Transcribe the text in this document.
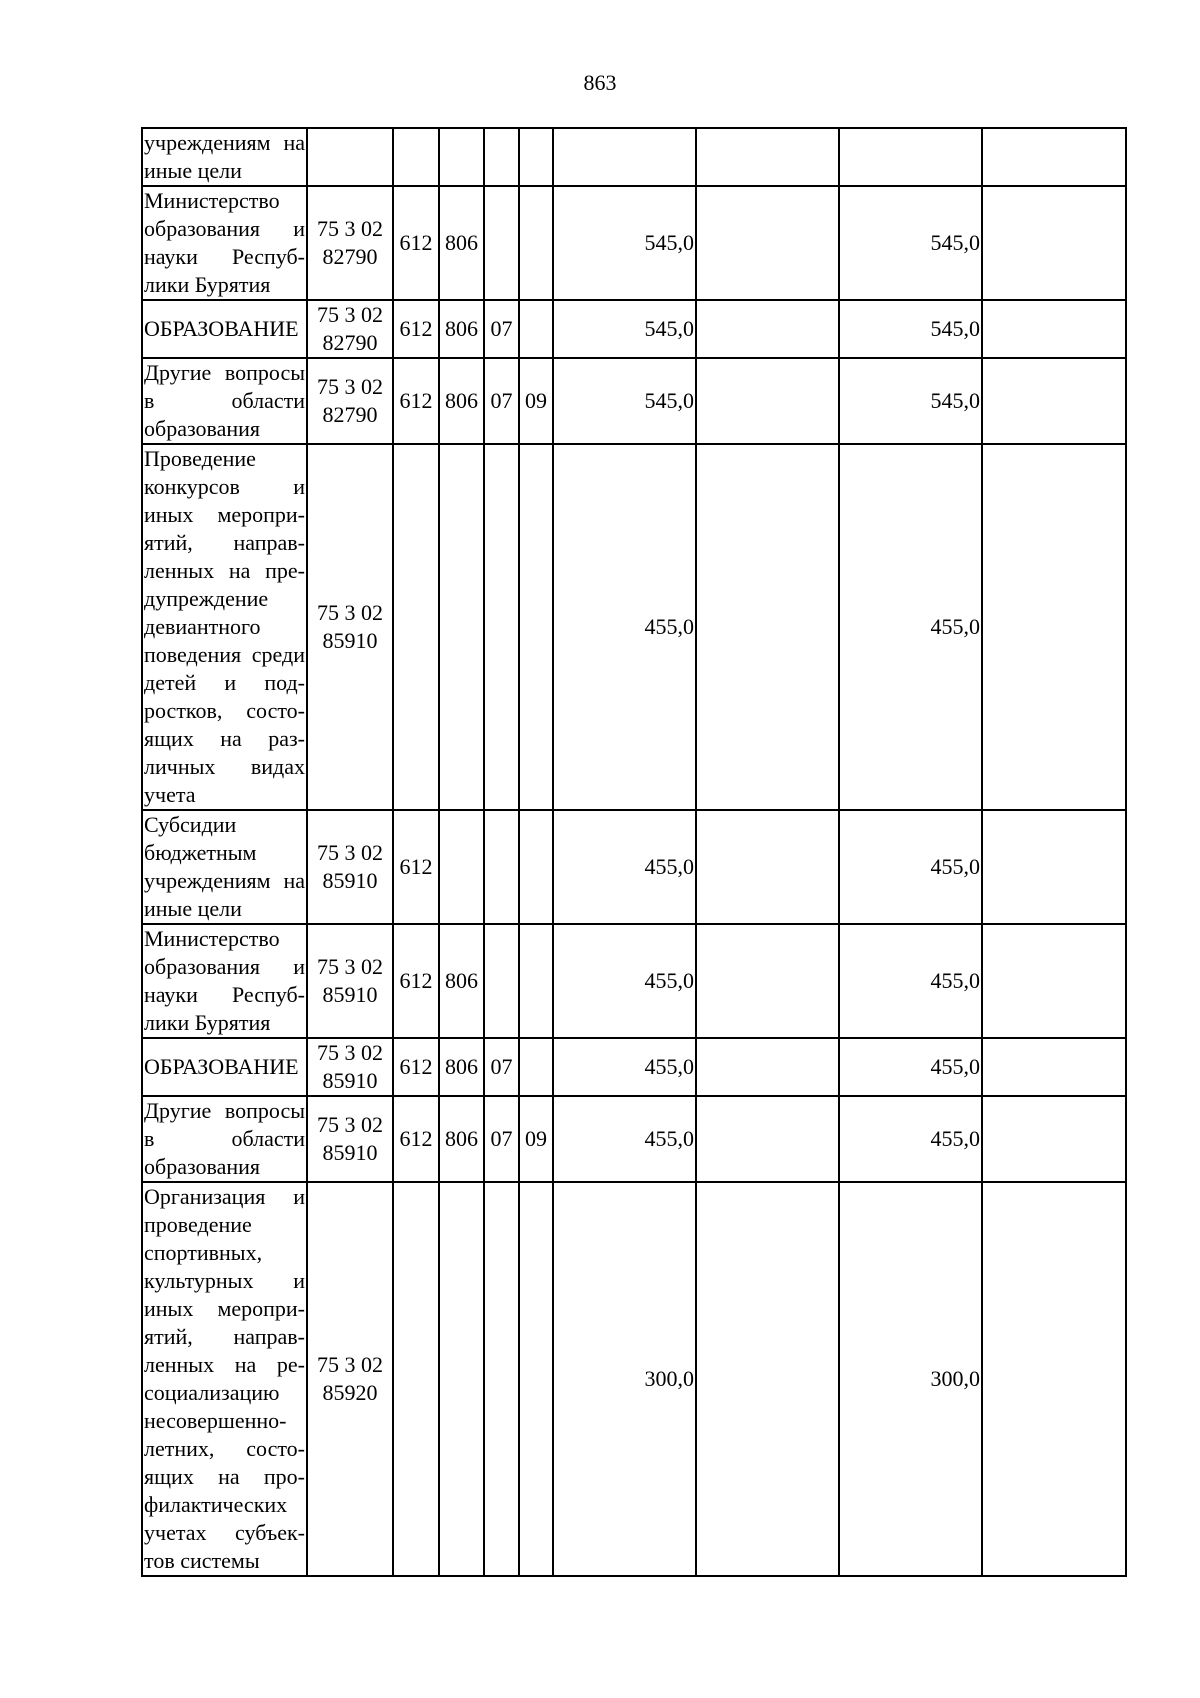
863
учреждениям на иные цели									
Министерство образования и науки Республики Бурятия	75 3 02 82790	612	806			545,0		545,0	
ОБРАЗОВАНИЕ	75 3 02 82790	612	806	07		545,0		545,0	
Другие вопросы в области образования	75 3 02 82790	612	806	07	09	545,0		545,0	
Проведение конкурсов и иных мероприятий, направленных на предупреждение девиантного поведения среди детей и подростков, состоящих на различных видах учета	75 3 02 85910					455,0		455,0	
Субсидии бюджетным учреждениям на иные цели	75 3 02 85910	612				455,0		455,0	
Министерство образования и науки Республики Бурятия	75 3 02 85910	612	806			455,0		455,0	
ОБРАЗОВАНИЕ	75 3 02 85910	612	806	07		455,0		455,0	
Другие вопросы в области образования	75 3 02 85910	612	806	07	09	455,0		455,0	
Организация и проведение спортивных, культурных и иных мероприятий, направленных на ресоциализацию несовершеннолетних, состоящих на профилактических учетах субъектов системы	75 3 02 85920					300,0		300,0	
